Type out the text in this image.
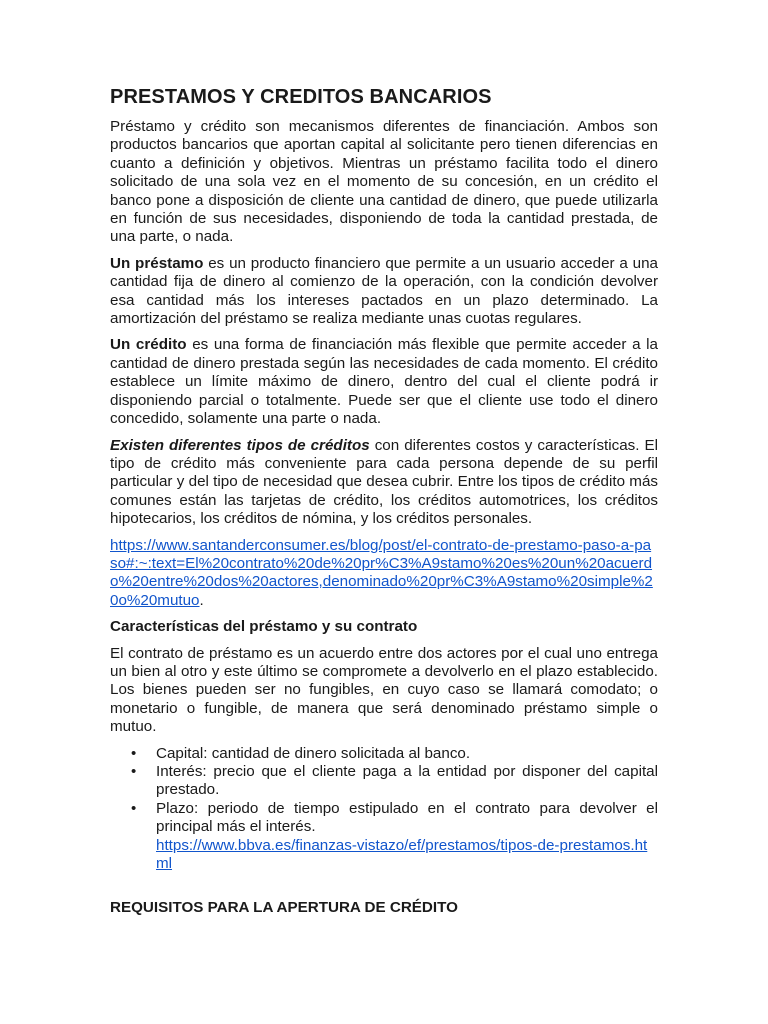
PRESTAMOS Y CREDITOS BANCARIOS

Préstamo y crédito son mecanismos diferentes de financiación. Ambos son productos bancarios que aportan capital al solicitante pero tienen diferencias en cuanto a definición y objetivos. Mientras un préstamo facilita todo el dinero solicitado de una sola vez en el momento de su concesión, en un crédito el banco pone a disposición de cliente una cantidad de dinero, que puede utilizarla en función de sus necesidades, disponiendo de toda la cantidad prestada, de una parte, o nada.

Un préstamo es un producto financiero que permite a un usuario acceder a una cantidad fija de dinero al comienzo de la operación, con la condición devolver esa cantidad más los intereses pactados en un plazo determinado. La amortización del préstamo se realiza mediante unas cuotas regulares.

Un crédito es una forma de financiación más flexible que permite acceder a la cantidad de dinero prestada según las necesidades de cada momento. El crédito establece un límite máximo de dinero, dentro del cual el cliente podrá ir disponiendo parcial o totalmente. Puede ser que el cliente use todo el dinero concedido, solamente una parte o nada.

Existen diferentes tipos de créditos con diferentes costos y características. El tipo de crédito más conveniente para cada persona depende de su perfil particular y del tipo de necesidad que desea cubrir. Entre los tipos de crédito más comunes están las tarjetas de crédito, los créditos automotrices, los créditos hipotecarios, los créditos de nómina, y los créditos personales.

https://www.santanderconsumer.es/blog/post/el-contrato-de-prestamo-paso-a-paso#:~:text=El%20contrato%20de%20pr%C3%A9stamo%20es%20un%20acuerdo%20entre%20dos%20actores,denominado%20pr%C3%A9stamo%20simple%20o%20mutuo.

Características del préstamo y su contrato

El contrato de préstamo es un acuerdo entre dos actores por el cual uno entrega un bien al otro y este último se compromete a devolverlo en el plazo establecido. Los bienes pueden ser no fungibles, en cuyo caso se llamará comodato; o monetario o fungible, de manera que será denominado préstamo simple o mutuo.

• Capital: cantidad de dinero solicitada al banco.
• Interés: precio que el cliente paga a la entidad por disponer del capital prestado.
• Plazo: periodo de tiempo estipulado en el contrato para devolver el principal más el interés.
https://www.bbva.es/finanzas-vistazo/ef/prestamos/tipos-de-prestamos.html
REQUISITOS PARA LA APERTURA DE CRÉDITO
